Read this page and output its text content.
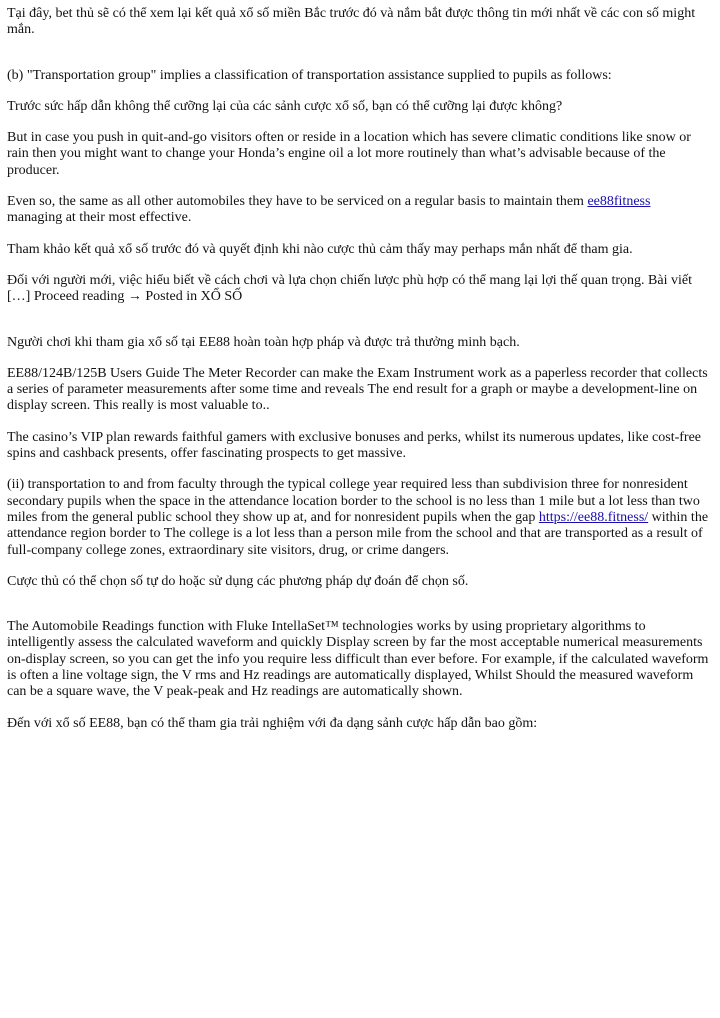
Tại đây, bet thủ sẽ có thể xem lại kết quả xổ số miền Bắc trước đó và nắm bắt được thông tin mới nhất về các con số might mắn.

(b) "Transportation group" implies a classification of transportation assistance supplied to pupils as follows:

Trước sức hấp dẫn không thể cưỡng lại của các sảnh cược xổ số, bạn có thể cưỡng lại được không?

But in case you push in quit-and-go visitors often or reside in a location which has severe climatic conditions like snow or rain then you might want to change your Honda’s engine oil a lot more routinely than what’s advisable because of the producer.

Even so, the same as all other automobiles they have to be serviced on a regular basis to maintain them ee88fitness managing at their most effective.

Tham khảo kết quả xổ số trước đó và quyết định khi nào cược thủ cảm thấy may perhaps mắn nhất để tham gia.

Đối với người mới, việc hiểu biết về cách chơi và lựa chọn chiến lược phù hợp có thể mang lại lợi thế quan trọng. Bài viết […] Proceed reading → Posted in XỔ SỐ

Người chơi khi tham gia xổ số tại EE88 hoàn toàn hợp pháp và được trả thưởng minh bạch.

EE88/124B/125B Users Guide The Meter Recorder can make the Exam Instrument work as a paperless recorder that collects a series of parameter measurements after some time and reveals The end result for a graph or maybe a development-line on display screen. This really is most valuable to..

The casino’s VIP plan rewards faithful gamers with exclusive bonuses and perks, whilst its numerous updates, like cost-free spins and cashback presents, offer fascinating prospects to get massive.

(ii) transportation to and from faculty through the typical college year required less than subdivision three for nonresident secondary pupils when the space in the attendance location border to the school is no less than 1 mile but a lot less than two miles from the general public school they show up at, and for nonresident pupils when the gap https://ee88.fitness/ within the attendance region border to The college is a lot less than a person mile from the school and that are transported as a result of full-company college zones, extraordinary site visitors, drug, or crime dangers.

Cược thủ có thể chọn số tự do hoặc sử dụng các phương pháp dự đoán để chọn số.

The Automobile Readings function with Fluke IntellaSet™ technologies works by using proprietary algorithms to intelligently assess the calculated waveform and quickly Display screen by far the most acceptable numerical measurements on-display screen, so you can get the info you require less difficult than ever before. For example, if the calculated waveform is often a line voltage sign, the V rms and Hz readings are automatically displayed, Whilst Should the measured waveform can be a square wave, the V peak-peak and Hz readings are automatically shown.

Đến với xổ số EE88, bạn có thể tham gia trải nghiệm với đa dạng sảnh cược hấp dẫn bao gồm:
